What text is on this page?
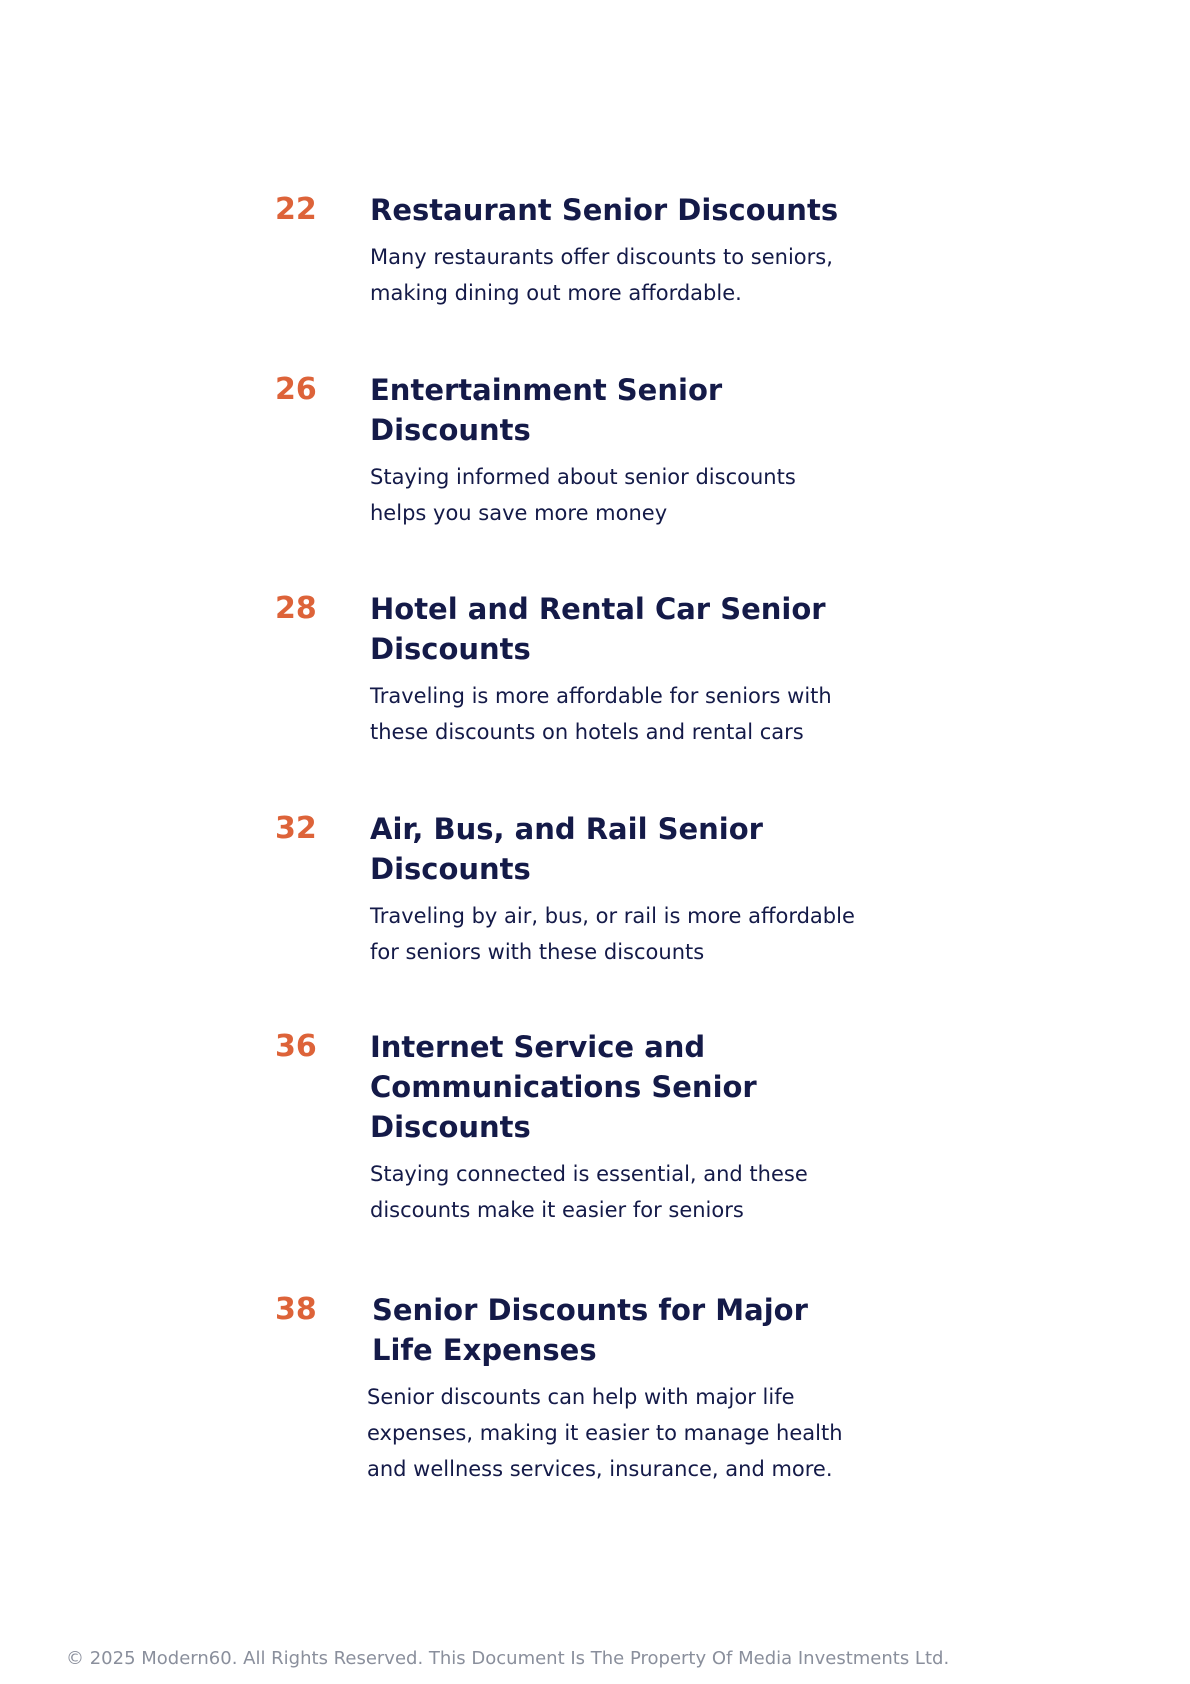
22 Restaurant Senior Discounts

Many restaurants offer discounts to seniors, making dining out more affordable.

26 Entertainment Senior Discounts

Staying informed about senior discounts helps you save more money

28 Hotel and Rental Car Senior Discounts

Traveling is more affordable for seniors with these discounts on hotels and rental cars

32 Air, Bus, and Rail Senior Discounts

Traveling by air, bus, or rail is more affordable for seniors with these discounts

36 Internet Service and Communications Senior Discounts

Staying connected is essential, and these discounts make it easier for seniors

38 Senior Discounts for Major Life Expenses

Senior discounts can help with major life expenses, making it easier to manage health and wellness services, insurance, and more.

© 2025 Modern60. All Rights Reserved. This Document Is The Property Of Media Investments Ltd.
